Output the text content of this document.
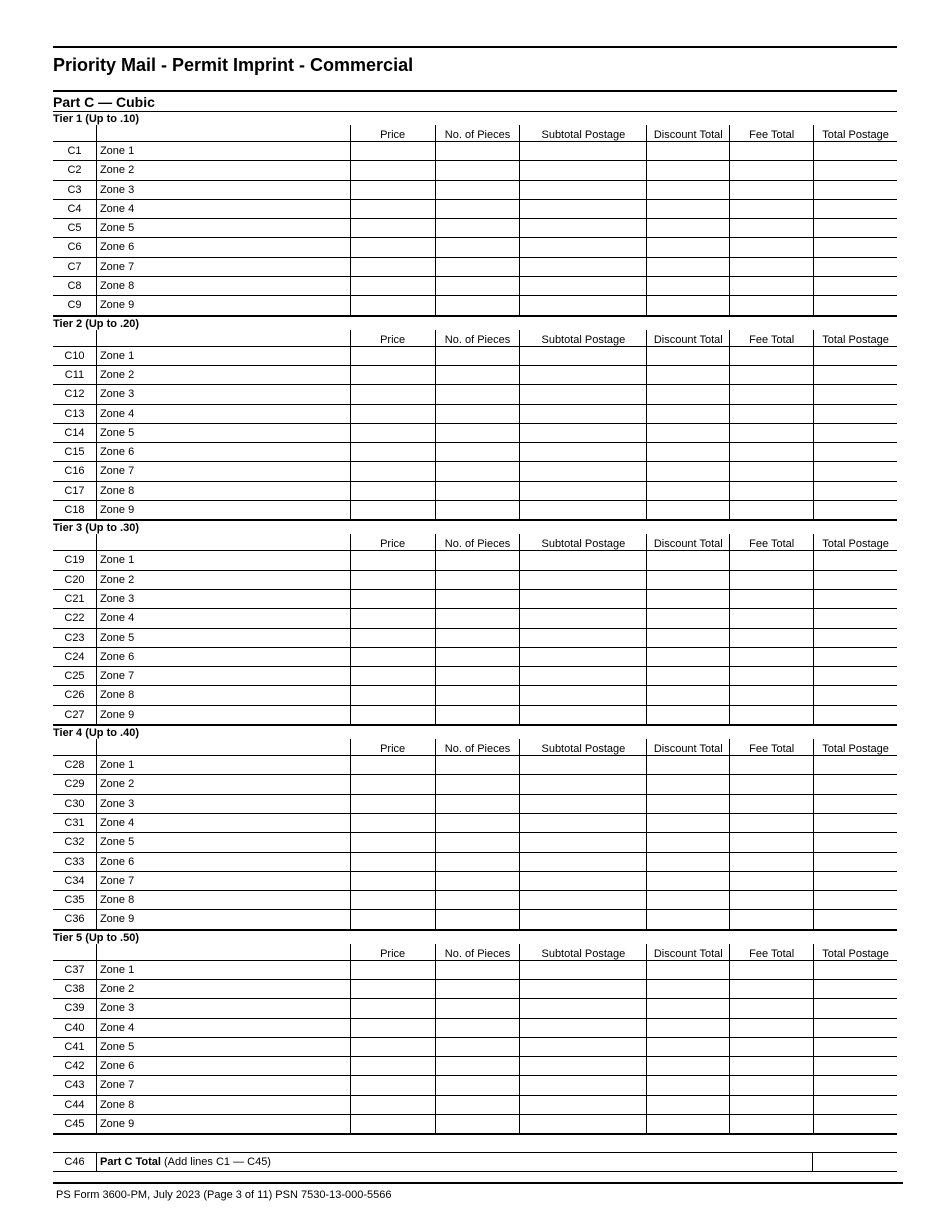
Priority Mail - Permit Imprint - Commercial
Part C — Cubic
Tier 1 (Up to .10)
Price	No. of Pieces	Subtotal Postage	Discount Total	Fee Total	Total Postage
C1	Zone 1
C2	Zone 2
C3	Zone 3
C4	Zone 4
C5	Zone 5
C6	Zone 6
C7	Zone 7
C8	Zone 8
C9	Zone 9
Tier 2 (Up to .20)
Price	No. of Pieces	Subtotal Postage	Discount Total	Fee Total	Total Postage
C10	Zone 1
C11	Zone 2
C12	Zone 3
C13	Zone 4
C14	Zone 5
C15	Zone 6
C16	Zone 7
C17	Zone 8
C18	Zone 9
Tier 3 (Up to .30)
Price	No. of Pieces	Subtotal Postage	Discount Total	Fee Total	Total Postage
C19	Zone 1
C20	Zone 2
C21	Zone 3
C22	Zone 4
C23	Zone 5
C24	Zone 6
C25	Zone 7
C26	Zone 8
C27	Zone 9
Tier 4 (Up to .40)
Price	No. of Pieces	Subtotal Postage	Discount Total	Fee Total	Total Postage
C28	Zone 1
C29	Zone 2
C30	Zone 3
C31	Zone 4
C32	Zone 5
C33	Zone 6
C34	Zone 7
C35	Zone 8
C36	Zone 9
Tier 5 (Up to .50)
Price	No. of Pieces	Subtotal Postage	Discount Total	Fee Total	Total Postage
C37	Zone 1
C38	Zone 2
C39	Zone 3
C40	Zone 4
C41	Zone 5
C42	Zone 6
C43	Zone 7
C44	Zone 8
C45	Zone 9
C46	Part C Total (Add lines C1 — C45)
PS Form 3600-PM, July 2023 (Page 3 of 11) PSN 7530-13-000-5566
